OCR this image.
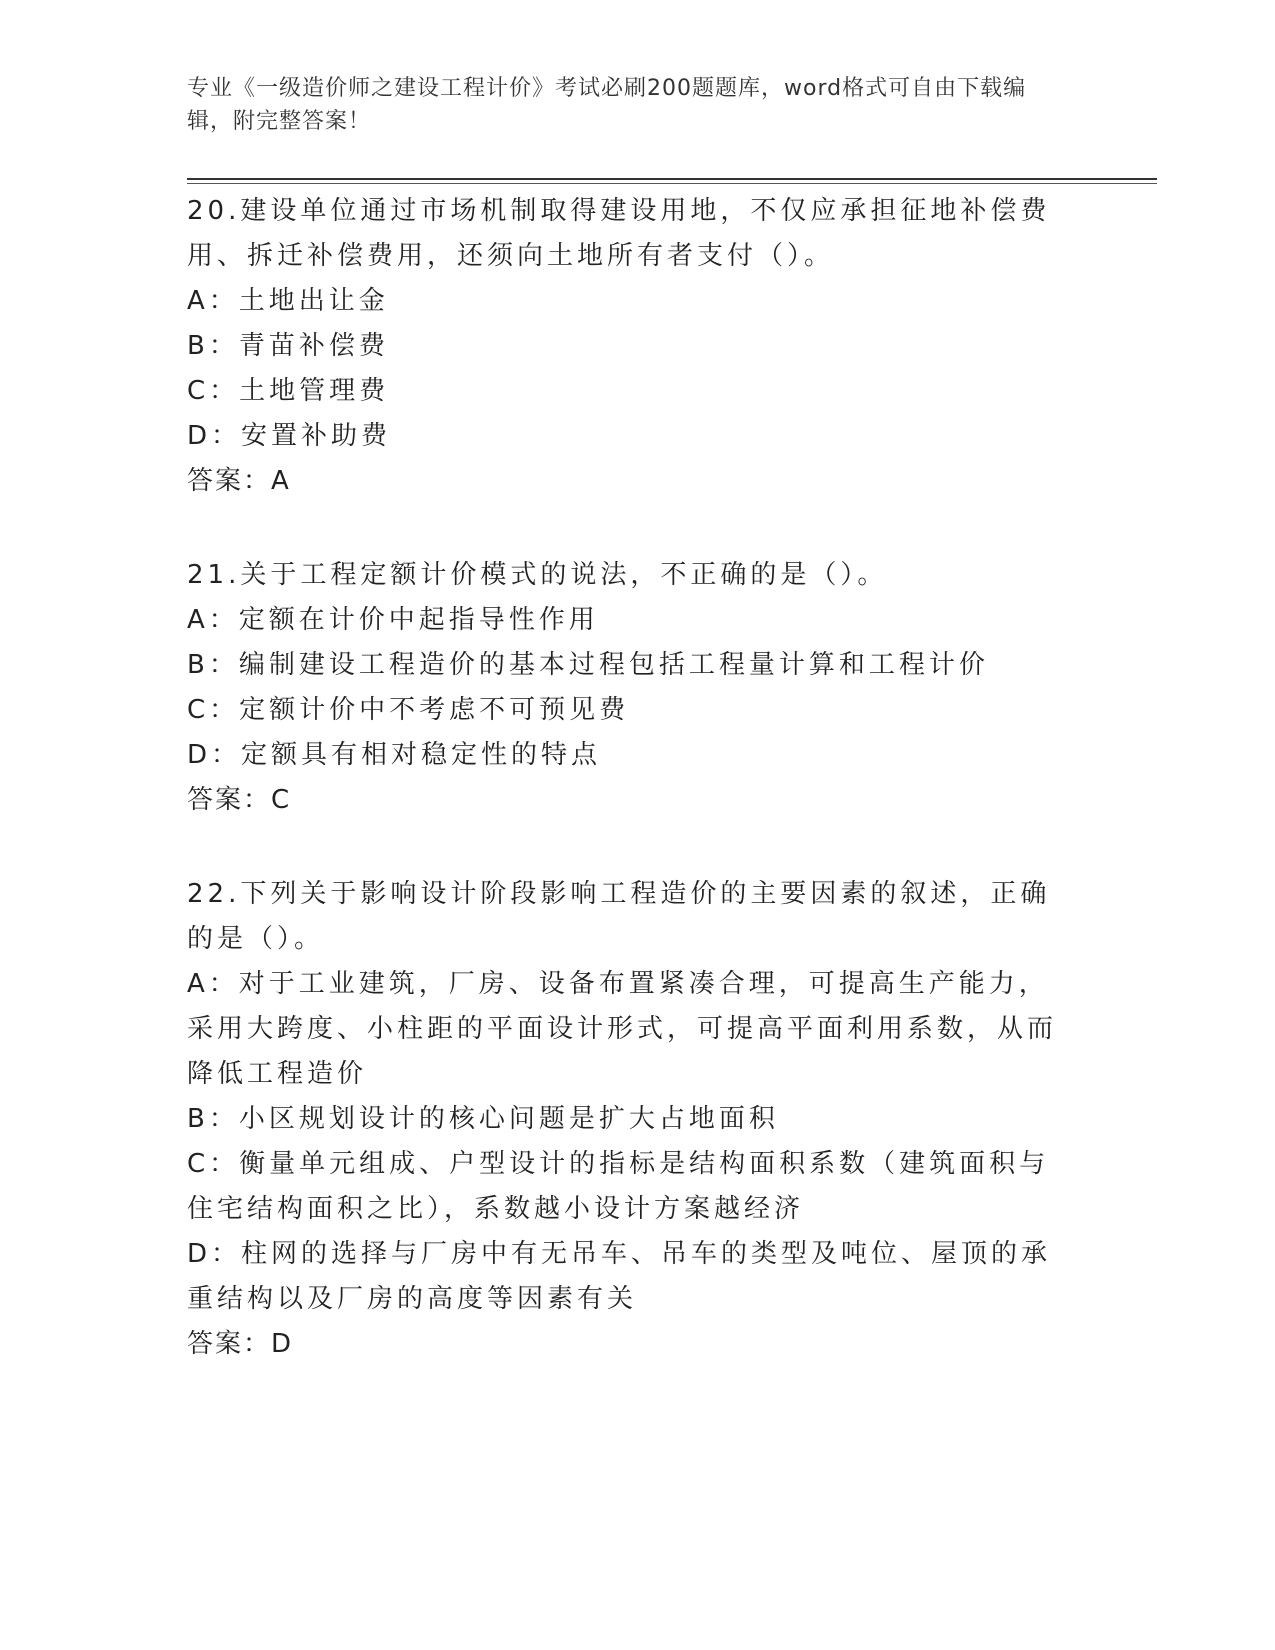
专业《一级造价师之建设工程计价》考试必刷200题题库，word格式可自由下载编辑，附完整答案！

20.建设单位通过市场机制取得建设用地，不仅应承担征地补偿费用、拆迁补偿费用，还须向土地所有者支付（）。

A：土地出让金

B：青苗补偿费

C：土地管理费

D：安置补助费

答案：A

21.关于工程定额计价模式的说法，不正确的是（）。

A：定额在计价中起指导性作用

B：编制建设工程造价的基本过程包括工程量计算和工程计价

C：定额计价中不考虑不可预见费

D：定额具有相对稳定性的特点

答案：C

22.下列关于影响设计阶段影响工程造价的主要因素的叙述，正确的是（）。

A：对于工业建筑，厂房、设备布置紧凑合理，可提高生产能力，采用大跨度、小柱距的平面设计形式，可提高平面利用系数，从而降低工程造价

B：小区规划设计的核心问题是扩大占地面积

C：衡量单元组成、户型设计的指标是结构面积系数（建筑面积与住宅结构面积之比），系数越小设计方案越经济

D：柱网的选择与厂房中有无吊车、吊车的类型及吨位、屋顶的承重结构以及厂房的高度等因素有关

答案：D
